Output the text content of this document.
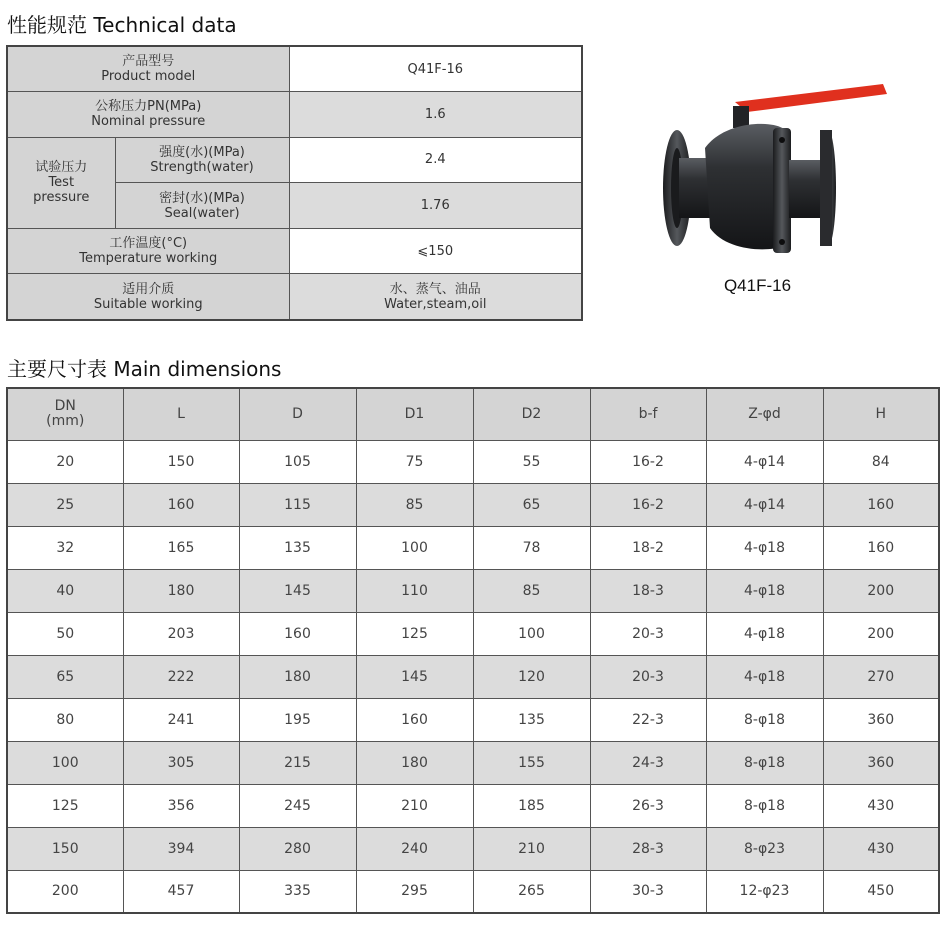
性能规范 Technical data
产品型号
Product model		Q41F-16

公称压力PN(MPa)
Nominal pressure		1.6

试验压力
Test
pressure	强度(水)(MPa)
Strength(water)	2.4

	密封(水)(MPa)
Seal(water)	1.76

工作温度(°C)
Temperature working		⩽150

适用介质
Suitable working		水、蒸气、油品
Water,steam,oil
Q41F-16
主要尺寸表 Main dimensions
DN
(mm)	L	D	D1	D2	b-f	Z-φd	H
20	150	105	75	55	16-2	4-φ14	84
25	160	115	85	65	16-2	4-φ14	160
32	165	135	100	78	18-2	4-φ18	160
40	180	145	110	85	18-3	4-φ18	200
50	203	160	125	100	20-3	4-φ18	200
65	222	180	145	120	20-3	4-φ18	270
80	241	195	160	135	22-3	8-φ18	360
100	305	215	180	155	24-3	8-φ18	360
125	356	245	210	185	26-3	8-φ18	430
150	394	280	240	210	28-3	8-φ23	430
200	457	335	295	265	30-3	12-φ23	450
